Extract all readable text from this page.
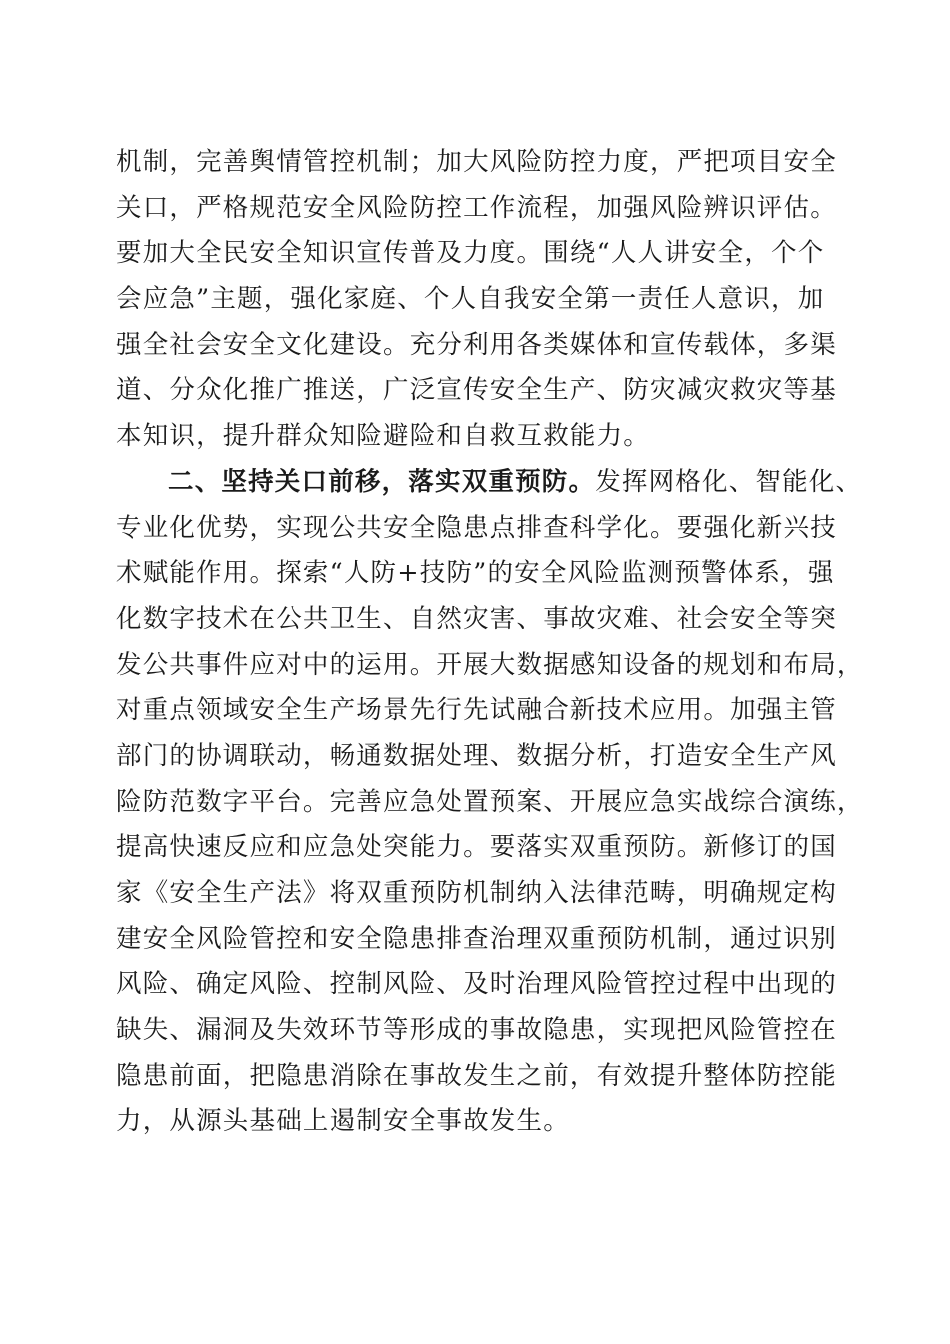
机制，完善舆情管控机制；加大风险防控力度，严把项目安全
关口，严格规范安全风险防控工作流程，加强风险辨识评估。
要加大全民安全知识宣传普及力度。围绕“人人讲安全，个个
会应急”主题，强化家庭、个人自我安全第一责任人意识，加
强全社会安全文化建设。充分利用各类媒体和宣传载体，多渠
道、分众化推广推送，广泛宣传安全生产、防灾减灾救灾等基
本知识，提升群众知险避险和自救互救能力。
二、坚持关口前移，落实双重预防。发挥网格化、智能化、
专业化优势，实现公共安全隐患点排查科学化。要强化新兴技
术赋能作用。探索“人防+技防”的安全风险监测预警体系，强
化数字技术在公共卫生、自然灾害、事故灾难、社会安全等突
发公共事件应对中的运用。开展大数据感知设备的规划和布局，
对重点领域安全生产场景先行先试融合新技术应用。加强主管
部门的协调联动，畅通数据处理、数据分析，打造安全生产风
险防范数字平台。完善应急处置预案、开展应急实战综合演练，
提高快速反应和应急处突能力。要落实双重预防。新修订的国
家《安全生产法》将双重预防机制纳入法律范畴，明确规定构
建安全风险管控和安全隐患排查治理双重预防机制，通过识别
风险、确定风险、控制风险、及时治理风险管控过程中出现的
缺失、漏洞及失效环节等形成的事故隐患，实现把风险管控在
隐患前面，把隐患消除在事故发生之前，有效提升整体防控能
力，从源头基础上遏制安全事故发生。
